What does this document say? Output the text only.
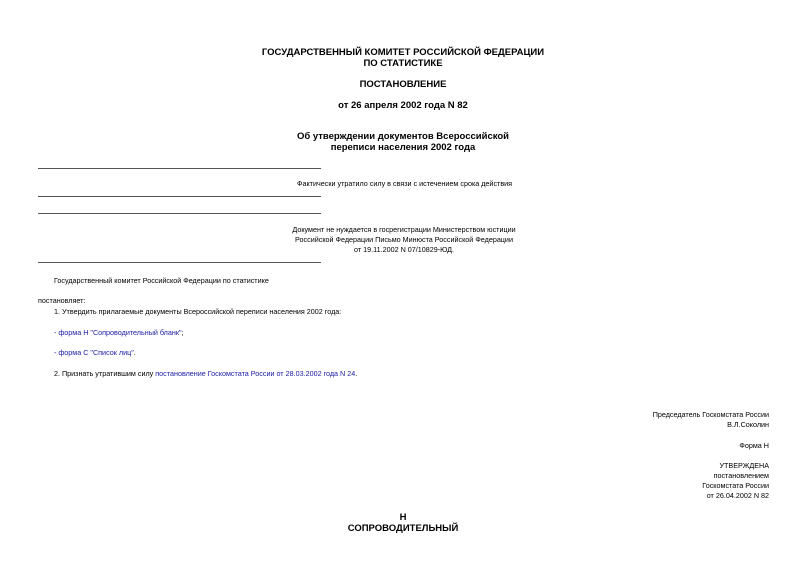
ГОСУДАРСТВЕННЫЙ КОМИТЕТ РОССИЙСКОЙ ФЕДЕРАЦИИ
ПО СТАТИСТИКЕ
ПОСТАНОВЛЕНИЕ
от 26 апреля 2002 года N 82
Об утверждении документов Всероссийской
переписи населения 2002 года
Фактически утратило силу в связи с истечением срока действия
Документ не нуждается в госрегистрации Министерством юстиции
Российской Федерации Письмо Минюста Российской Федерации
от 19.11.2002 N 07/10829-ЮД.
Государственный комитет Российской Федерации по статистике
постановляет:
1. Утвердить прилагаемые документы Всероссийской переписи населения 2002 года:
- форма Н "Сопроводительный бланк";
- форма С "Список лиц".
2. Признать утратившим силу постановление Госкомстата России от 28.03.2002 года N 24.
Председатель Госкомстата России
В.Л.Соколин
Форма Н
УТВЕРЖДЕНА
постановлением
Госкомстата России
от 26.04.2002 N 82
Н
СОПРОВОДИТЕЛЬНЫЙ
